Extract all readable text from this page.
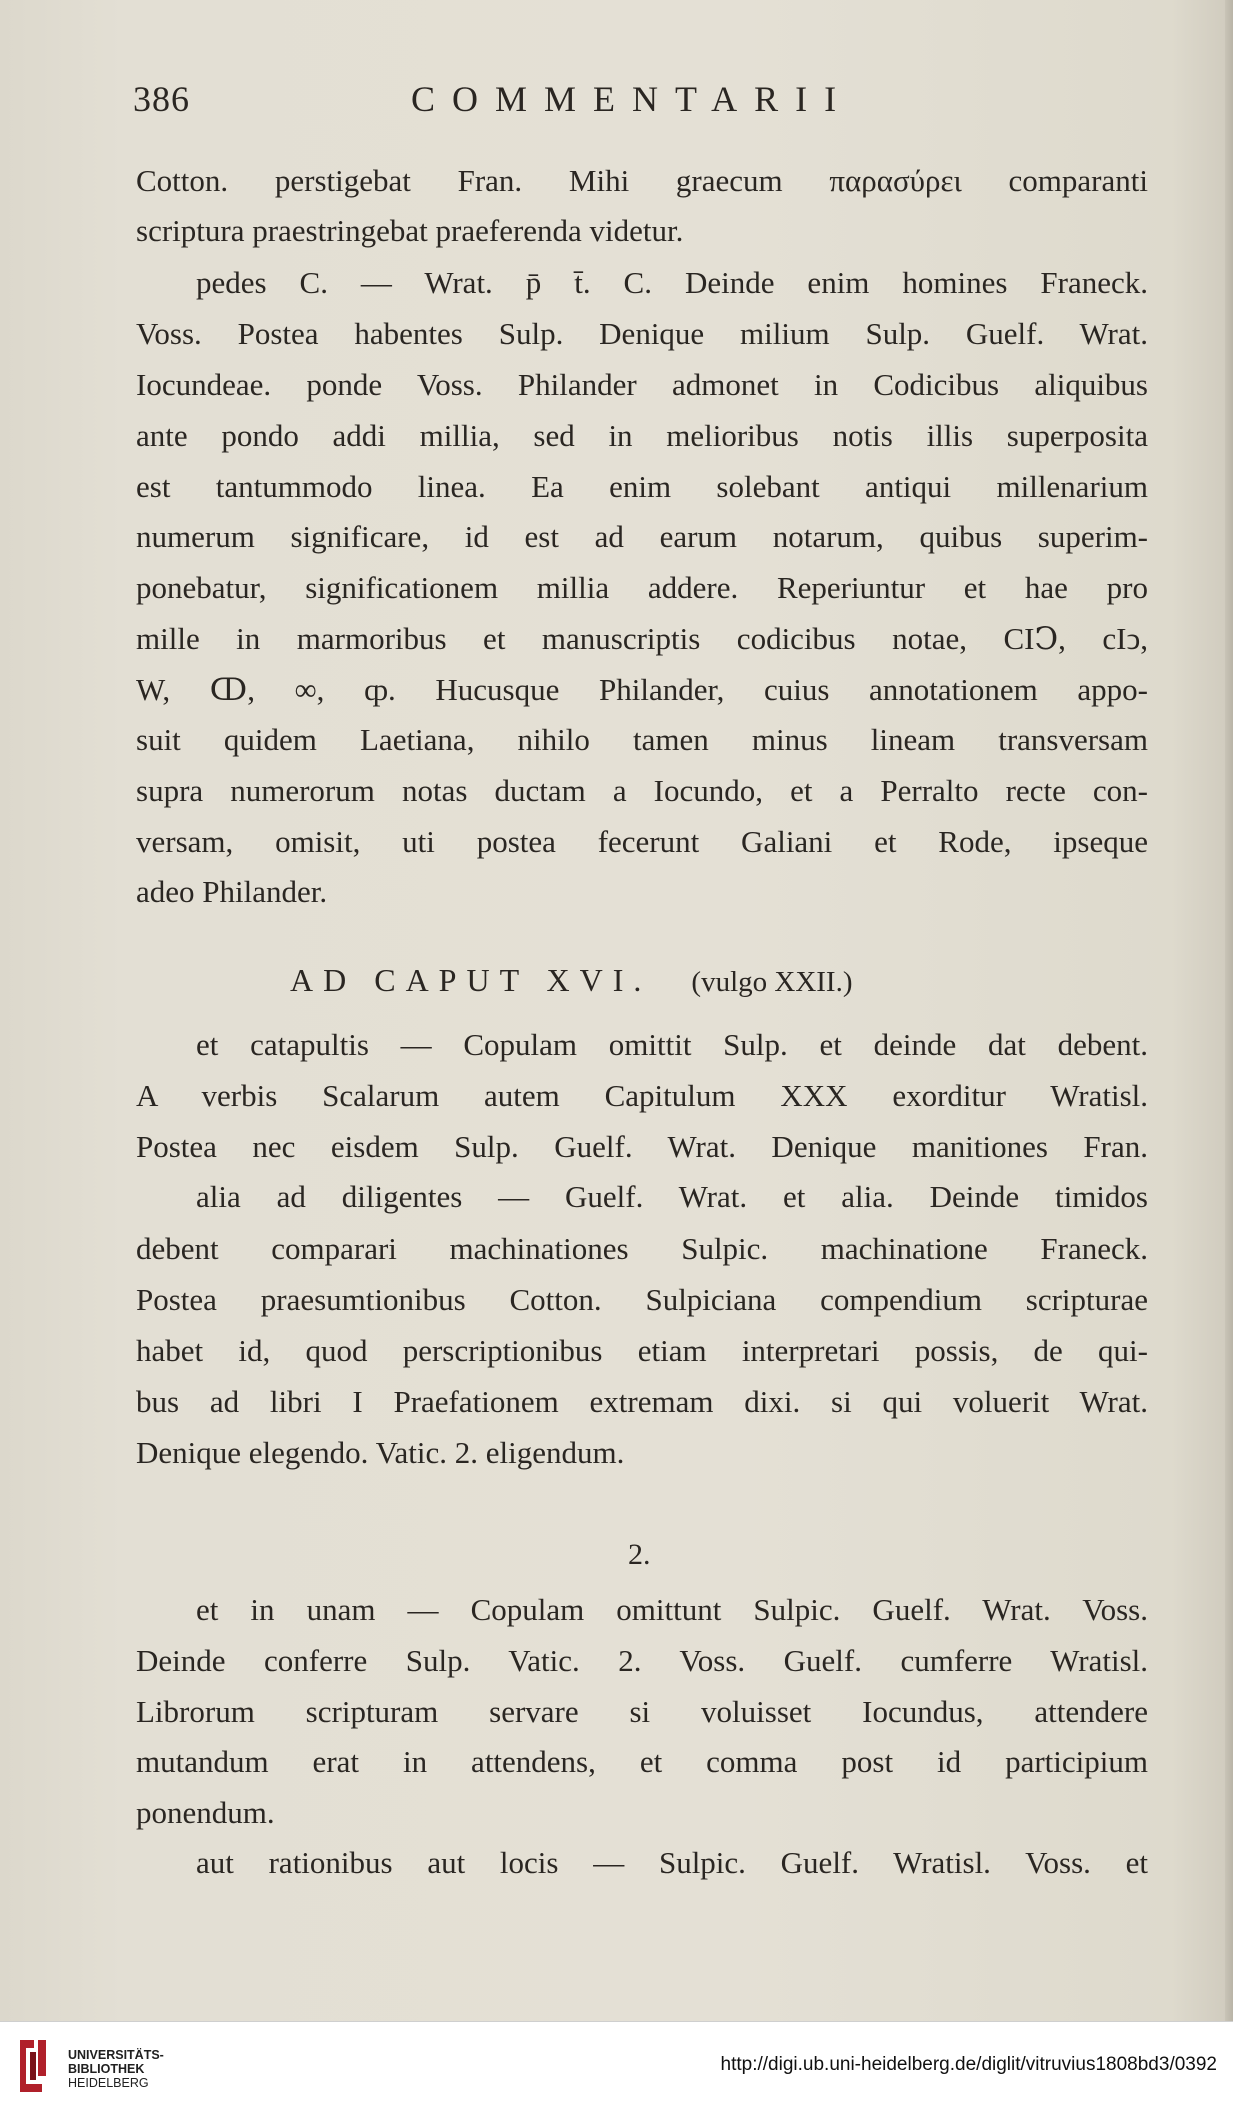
386	COMMENTARII
Cotton. perstigebat Fran. Mihi graecum παρασύρει comparanti
scriptura praestringebat praeferenda videtur.
pedes C. — Wrat. p̄ t̄. C. Deinde enim homines Franeck.
Voss. Postea habentes Sulp. Denique milium Sulp. Guelf. Wrat.
Iocundeae. ponde Voss. Philander admonet in Codicibus aliquibus
ante pondo addi millia, sed in melioribus notis illis superposita
est tantummodo linea. Ea enim solebant antiqui millenarium
numerum significare, id est ad earum notarum, quibus superim-
ponebatur, significationem millia addere. Reperiuntur et hae pro
mille in marmoribus et manuscriptis codicibus notae, CIↃ, cIↄ,
W, ↀ, ∞, ȹ. Hucusque Philander, cuius annotationem appo-
suit quidem Laetiana, nihilo tamen minus lineam transversam
supra numerorum notas ductam a Iocundo, et a Perralto recte con-
versam, omisit, uti postea fecerunt Galiani et Rode, ipseque
adeo Philander.
AD CAPUT XVI. (vulgo XXII.)
et catapultis — Copulam omittit Sulp. et deinde dat debent.
A verbis Scalarum autem Capitulum XXX exorditur Wratisl.
Postea nec eisdem Sulp. Guelf. Wrat. Denique manitiones Fran.
alia ad diligentes — Guelf. Wrat. et alia. Deinde timidos
debent comparari machinationes Sulpic. machinatione Franeck.
Postea praesumtionibus Cotton. Sulpiciana compendium scripturae
habet id, quod perscriptionibus etiam interpretari possis, de qui-
bus ad libri I Praefationem extremam dixi. si qui voluerit Wrat.
Denique elegendo. Vatic. 2. eligendum.
2.
et in unam — Copulam omittunt Sulpic. Guelf. Wrat. Voss.
Deinde conferre Sulp. Vatic. 2. Voss. Guelf. cumferre Wratisl.
Librorum scripturam servare si voluisset Iocundus, attendere
mutandum erat in attendens, et comma post id participium
ponendum.
aut rationibus aut locis — Sulpic. Guelf. Wratisl. Voss. et
UNIVERSITÄTS-
BIBLIOTHEK
HEIDELBERG
http://digi.ub.uni-heidelberg.de/diglit/vitruvius1808bd3/0392
